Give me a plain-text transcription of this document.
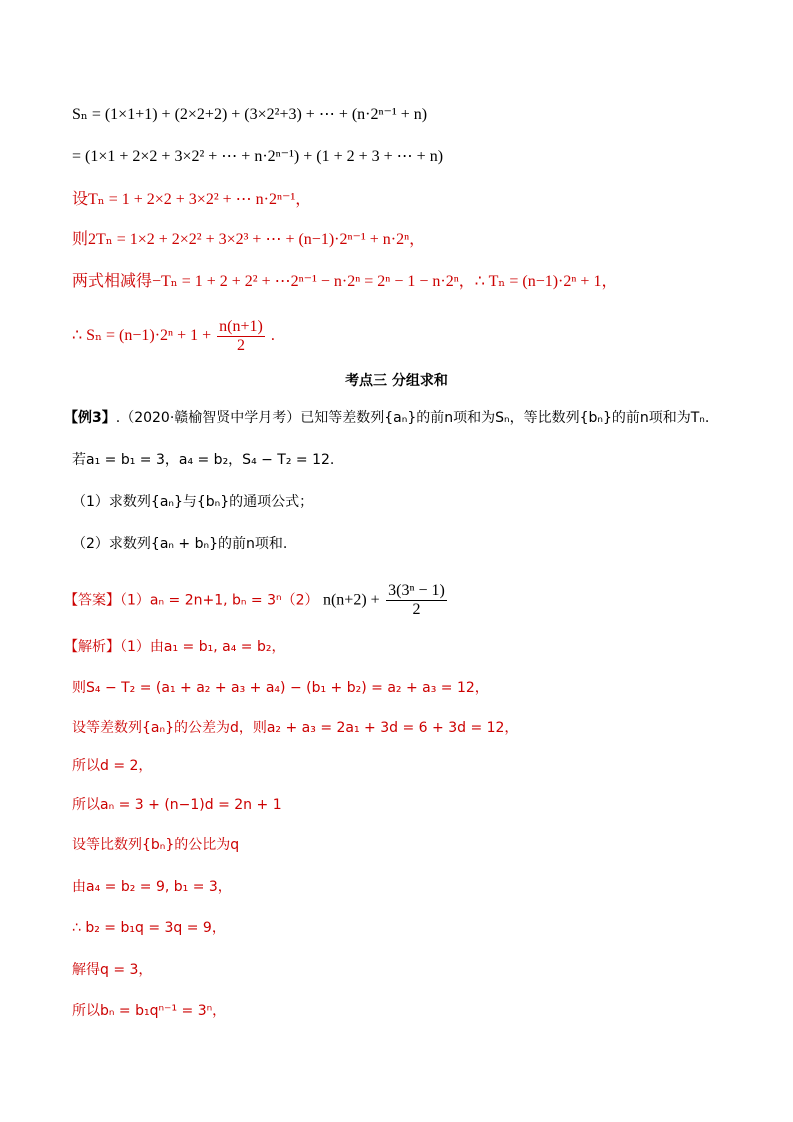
Sₙ = (1×1+1) + (2×2+2) + (3×2²+3) + ⋯ + (n·2ⁿ⁻¹ + n)
= (1×1 + 2×2 + 3×2² + ⋯ + n·2ⁿ⁻¹) + (1 + 2 + 3 + ⋯ + n)
设Tₙ = 1 + 2×2 + 3×2² + ⋯ n·2ⁿ⁻¹，
则2Tₙ = 1×2 + 2×2² + 3×2³ + ⋯ + (n−1)·2ⁿ⁻¹ + n·2ⁿ，
两式相减得−Tₙ = 1 + 2 + 2² + ⋯2ⁿ⁻¹ − n·2ⁿ = 2ⁿ − 1 − n·2ⁿ，∴ Tₙ = (n−1)·2ⁿ + 1，
∴ $S_n = (n-1)\cdot 2^n + 1 + \frac{n(n+1)}{2}$ .
考点三 分组求和
【例3】.（2020·赣榆智贤中学月考）已知等差数列{aₙ}的前n项和为Sₙ，等比数列{bₙ}的前n项和为Tₙ.
若a₁ = b₁ = 3，a₄ = b₂，S₄ − T₂ = 12.
（1）求数列{aₙ}与{bₙ}的通项公式；
（2）求数列{aₙ + bₙ}的前n项和.
【答案】（1）aₙ = 2n+1, bₙ = 3ⁿ（2） $n(n+2) + \frac{\text{3(3ⁿ − 1)}}{2}$
【解析】（1）由a₁ = b₁, a₄ = b₂，
则S₄ − T₂ = (a₁ + a₂ + a₃ + a₄) − (b₁ + b₂) = a₂ + a₃ = 12，
设等差数列{aₙ}的公差为d，则a₂ + a₃ = 2a₁ + 3d = 6 + 3d = 12，
所以d = 2，
所以aₙ = 3 + (n−1)d = 2n + 1
设等比数列{bₙ}的公比为q
由a₄ = b₂ = 9, b₁ = 3，
∴ b₂ = b₁q = 3q = 9，
解得q = 3，
所以bₙ = b₁qⁿ⁻¹ = 3ⁿ，
